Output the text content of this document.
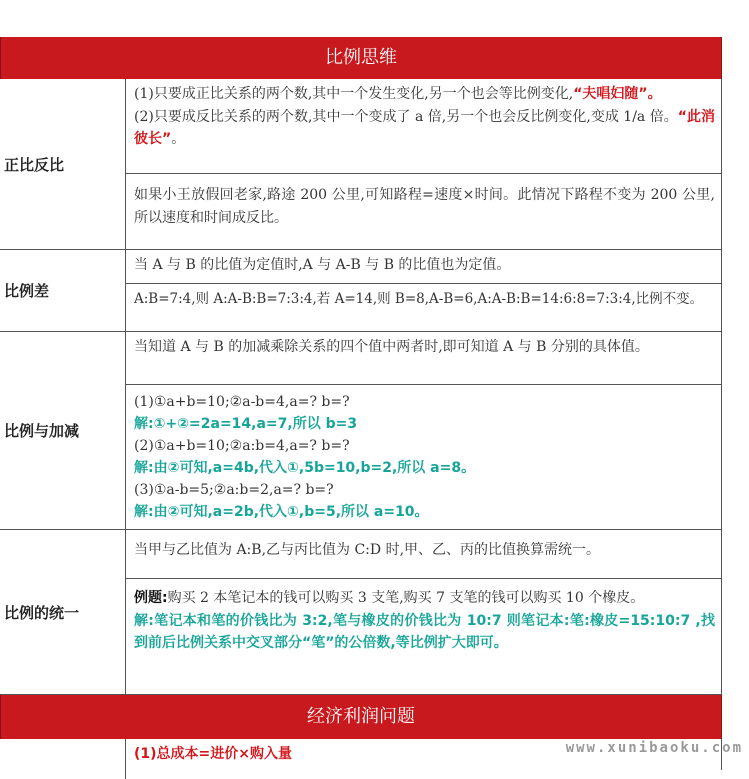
比例思维
正比反比

(1)只要成正比关系的两个数,其中一个发生变化,另一个也会等比例变化,“夫唱妇随”。

(2)只要成反比关系的两个数,其中一个变成了 a 倍,另一个也会反比例变化,变成 1/a 倍。“此消彼长”。

如果小王放假回老家,路途 200 公里,可知路程=速度×时间。此情况下路程不变为 200 公里,所以速度和时间成反比。

比例差

当 A 与 B 的比值为定值时,A 与 A-B 与 B 的比值也为定值。

A:B=7:4,则 A:A-B:B=7:3:4,若 A=14,则 B=8,A-B=6,A:A-B:B=14:6:8=7:3:4,比例不变。

比例与加减

当知道 A 与 B 的加减乘除关系的四个值中两者时,即可知道 A 与 B 分别的具体值。

(1)①a+b=10;②a-b=4,a=? b=?

解:①+②=2a=14,a=7,所以 b=3

(2)①a+b=10;②a:b=4,a=? b=?

解:由②可知,a=4b,代入①,5b=10,b=2,所以 a=8。

(3)①a-b=5;②a:b=2,a=? b=?

解:由②可知,a=2b,代入①,b=5,所以 a=10。

比例的统一

当甲与乙比值为 A:B,乙与丙比值为 C:D 时,甲、乙、丙的比值换算需统一。

例题:购买 2 本笔记本的钱可以购买 3 支笔,购买 7 支笔的钱可以购买 10 个橡皮。

解:笔记本和笔的价钱比为 3:2,笔与橡皮的价钱比为 10:7 则笔记本:笔:橡皮=15:10:7 ,找到前后比例关系中交叉部分“笔”的公倍数,等比例扩大即可。

经济利润问题

(1)总成本=进价×购入量	www.xunibaoku.com
